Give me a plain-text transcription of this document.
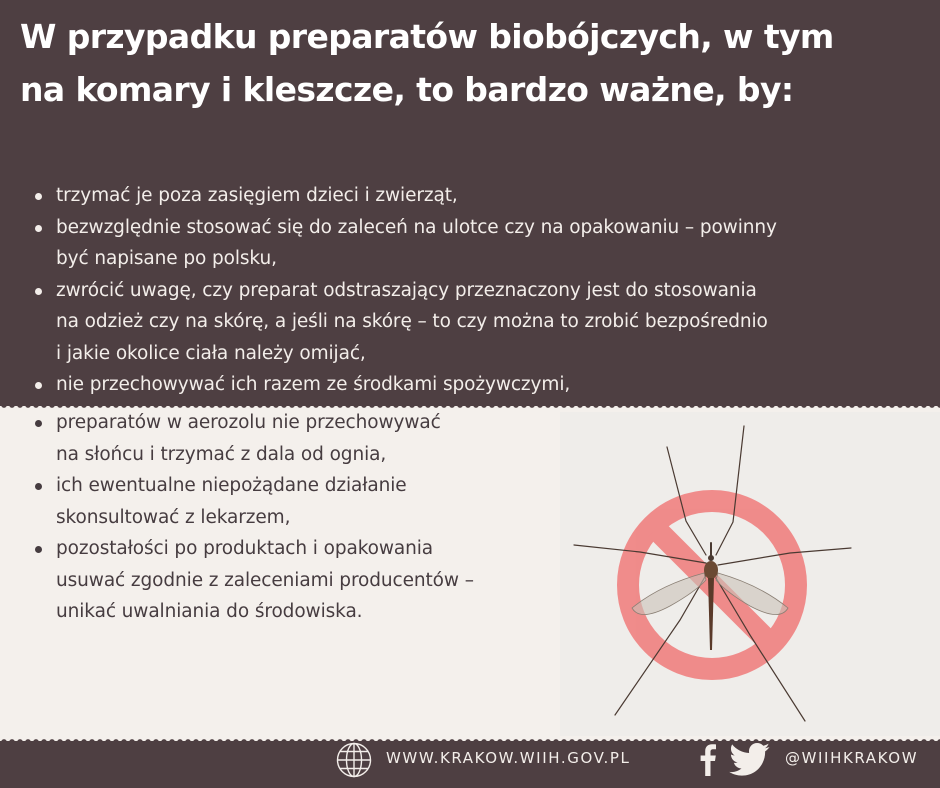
W przypadku preparatów biobójczych, w tym
na komary i kleszcze, to bardzo ważne, by:
trzymać je poza zasięgiem dzieci i zwierząt,
bezwzględnie stosować się do zaleceń na ulotce czy na opakowaniu – powinny
być napisane po polsku,
zwrócić uwagę, czy preparat odstraszający przeznaczony jest do stosowania
na odzież czy na skórę, a jeśli na skórę – to czy można to zrobić bezpośrednio
i jakie okolice ciała należy omijać,
nie przechowywać ich razem ze środkami spożywczymi,
preparatów w aerozolu nie przechowywać
na słońcu i trzymać z dala od ognia,
ich ewentualne niepożądane działanie
skonsultować z lekarzem,
pozostałości po produktach i opakowania
usuwać zgodnie z zaleceniami producentów –
unikać uwalniania do środowiska.
WWW.KRAKOW.WIIH.GOV.PL	@WIIHKRAKOW
